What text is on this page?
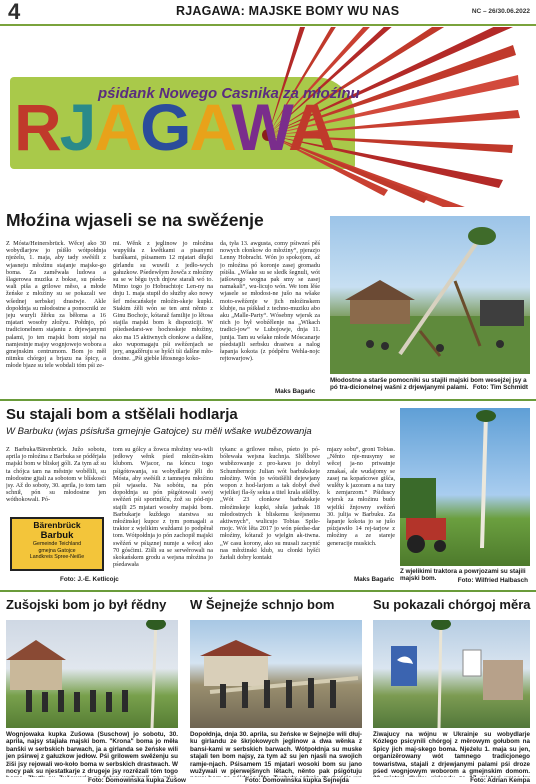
4	RJAGAWA: MAJSKE BOMY WU NAS	NC – 26/30.06.2022
pśidank Nowego Casnika za młoźinu
RJAGAWA
Młoźina wjaseli se na swěźenje
Z Mósta/Heinersbrück. Wěcej ako 30 wobydlarjow jo pśišło wótpołdnja njeźelu, 1. maja, aby tady swěśili z wjasneju młoźinu stajanje majske-go boma. Za zaměwała ludowa a šlagerowa muzika z bokse, su pśeda-wali piša a grilowe měso, a młode žeńske z młoźiny su se pokazali we wšednej serbskej drastwje. Akle dopołdnja su młodostne a pomocniki ze jeju wuryli žěrku za běłoma a 16 mjatari wosoby złožyu. Połdnjo, pó tradicionelnem stajaniu z drjewjanymi palami, jo ten majski bom stojał na namjestnje majsy wognjowejo wobora a gmejnskim centrumom. Bom jo měł niimku chórgoj a brjazu na špicy, a młode bjaze su tele wobdali tóm pśi ze-
mi. Wěnk z jeglinow jo młoźina wupyšiła z kwětkami a pisanymi banškami, pśisamem 12 mjatari dłujki girlandu su wuwili z jedło-wych gałuzkow. Pśedewšym žowča z młoźiny su se w běgu tych dnjow starali wó to. Mimo togo jo Hobrachtojc Len-ny na dnju 1. maja stupił do służby ako nowy šef móscańskeje młoźin-skeje kupki. Stakim źěli wón se ten amt něnto z Ginu Bochojc, kótaraž familije jo lětosa stajila majski bom k dispoziciji. W pśiedsedarst-we hochoskeje młoźiny, ako ma 15 aktiwnych cłonkow a dalšne, ako wupomagaju pśi swěźenjach se jery, angažěruju se hyšći tśi dalšne mło-dostne. „Pśi gjeble lětosnego koko-
da, tyła 13. awgusta, comy pśiwześ pěś nowych cłonkow do młoźiny“, pjerazjo Lenny Hobracht. Wón jo spokojom, až jo młoźina pó koronje zasej gromadu pśiśła. „Wšake su se sledk šegnuli, wót jatšowngo wogna pak smy se zasej namakali“, wu-licujo wón. We tom lěśe wjasele se młodost-ne jušo na wšake moto-swěźenje w jich młoźinskem klubje, na pśikład z techno-muziku abo aku „Malle-Party“. Wósebny wjersk za nich jo był wobźělenje na „Wikach tradici-jow“ w Lubojowje, dnja 11. junija. Tam su wšake młode Móscanarje pśedstajili serbsku drastwu a nalog łapanja kokota (z pódpěru Wehla-nojc rejtowarjow).
Maks Bagańc
Młodostne a starše pomocniki su stajili majski bom wesejźej jsy a pó tra-dicionelnej wašni z drjewjanymi palami. Foto: Tim Schmidt
Su stajali bom a stšělali hodlarja
W Barbuku (wjas pśisłuša gmejnje Gatojce) su měli wšake wubězowanja
Z Barbuka/Bärenbrück. Južo sobotu, aprila jo młoźina z Barbuka se póděrjała majski bom w bliskej góli. Za tym až su ta chójca tam na městnje wobělili, su młodostne gjtali za sobotom w blískosći jsy. Až do soboty, 30. aprila, jo tom tam schnił, pón su młodostne jen wóthokowali. Pó-
Bärenbrück
Barbuk
Gemeinde Teichland
gmejna Gatojce
Landkreis Spree-Neiße
Foto: J.-E. Ketlicojc
tom su gólcy a žowca młoźiny wu-wili jedłowy wěnk pśed młoźin-skim klubom. Wjacor, na kóncu togo pśigótowanja, su wobydlarje jěli do Mósta, aby swěśili z tamnejeu młoźinu pśi wjaselu. Na sobótu, na pón dopołdnja su pón pśigótowali swój swěźeń pśi sportnišću, źož su pód-njo stajili 25 mjatari wosoby majski bom. Barbukarje kuždego starstwa su młoźinskej kupce z tym pomagali a traktor z wjelikim wuždami jo podpěrał tom. Wótpołdnja jo pón zachopił majski swěźeń w pśiąznej numje a wěcej ako 70 gósćimi. Zišli su se serwěrowali na skokańskem grodu a wejsna młoźina jo pśedawała
tykanc a grilowe měso, pśeto jo pó-bółewała wejsna kuchnja. Sltělbowe wubězowanje z pro-kawu jo dobyl Schumbernojc Julian wót barbukskeje młoźiny. Wón jo wótstšělił dejewjany wopon z hod-larjom a tak dobył dwě wjelikej fla-šy sekta a titel krala stšělby. „Wót 23 cłonkow barbukskeje młoźinskeje kupki, słuša jadnak 18 młodostnych k bliskemu kréjsnemu aktiwnych“, wulicujo Tobias Spile-rnojc. Wót lěta 2017 jo wón pśedse-dar młoźiny, kótaraž jo wjelgin ak-tiwna. „W casu korony, ako su musali zacynić nas młoźinski klub, su cłonki hyšći žarłali dobry kontakt
mjazy sobu“, groni Tobias. „Něnto nje-musymy se wěcej ja-no priwatnje zmakaś, ale wudajomy se zasej na kopańcowe gišća, wulěty k jazoram a na tury k zemjarzom.“ Pśiduscy wjersk za młoźinu budo wjelikí žnjowny swěźeń 30. julija w Barbuku. Za łapanje kokota jo se jušo pśizjawiło 14 rej-tarjow z młoźiny a ze stareje generacije muskich.
Maks Bagańc
Z wjelikimi traktora a powrjozami su stajili majski bom.	Foto: Wilfried Halbasch
Zušojski bom jo był ŕědny
Wognjowaka kupka Zušowa (Suschow) jo sobotu, 30. aprila, najsy stajiała majski bom. "Krona" boma jo měła banški w serbskich barwach, ja a girlanda se žeńske wili jen pśirwej z gałuzkow jedłow. Pśi grilowem swěźenju su žiši jsy rejowali wo-koło boma w serbskich drastwach. W nocy pak su njestatkarje z drugeje jsy rozrězali tóm togo
Foto: Domowinska kupka Zušow
W Šejnejźe schnjo bom
Dopołdnja, dnja 30. aprila, su žeńske w Šejnejźe wili dłuj-ku girlandu ze škrjokowych jeglinow a dwa wěnka z bansi-kami w serbskich barwach. Wótpołdnja su muske stajali ten bom najsy, za tym až su jen njasli na swojich ramje-njach. Pśisamem 15 mjatari wosoki bom su jano wužywali w pjerwejšnych lětach, něnto pak pśigótuju
Foto: Domowinska kupka Šejnejda
Su pokazali chórgoj měra
Žiwajucy na wójnu w Ukrainje su wobydlarje Kózlego psicynili chórgoj z měrowym gołubom na špicy jich maj-skego boma. Njeźelu 1. maja su jen, organizěrowany wót tamnego tradicjonego towaristwa, stajali z drjewjanymi palami pśi droze pśed wognjowym woborom a gmejnskim domom.
Foto: Adrian Kempa
